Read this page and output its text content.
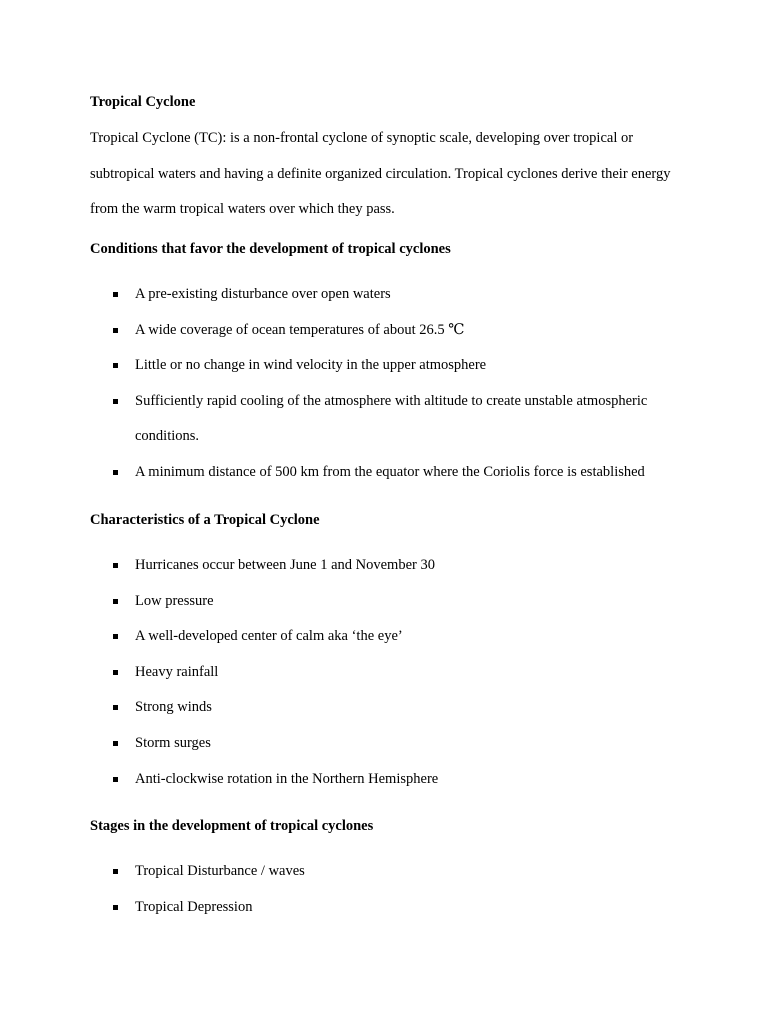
Tropical Cyclone

Tropical Cyclone (TC): is a non-frontal cyclone of synoptic scale, developing over tropical or subtropical waters and having a definite organized circulation. Tropical cyclones derive their energy from the warm tropical waters over which they pass.

Conditions that favor the development of tropical cyclones
A pre-existing disturbance over open waters
A wide coverage of ocean temperatures of about 26.5 ℃
Little or no change in wind velocity in the upper atmosphere
Sufficiently rapid cooling of the atmosphere with altitude to create unstable atmospheric conditions.
A minimum distance of 500 km from the equator where the Coriolis force is established
Characteristics of a Tropical Cyclone
Hurricanes occur between June 1 and November 30
Low pressure
A well-developed center of calm aka ‘the eye’
Heavy rainfall
Strong winds
Storm surges
Anti-clockwise rotation in the Northern Hemisphere
Stages in the development of tropical cyclones
Tropical Disturbance / waves
Tropical Depression
